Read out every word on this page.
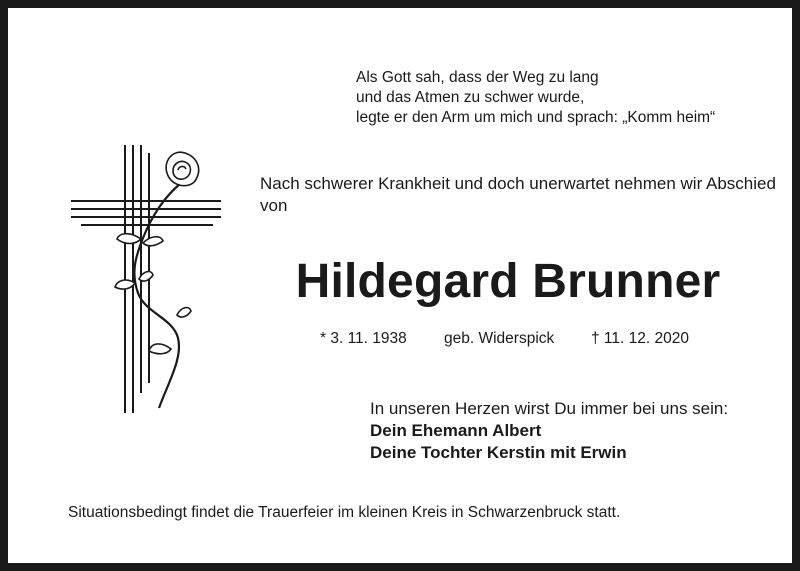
Als Gott sah, dass der Weg zu lang
und das Atmen zu schwer wurde,
legte er den Arm um mich und sprach: „Komm heim“
Nach schwerer Krankheit und doch unerwartet nehmen wir Abschied von
Hildegard Brunner
* 3. 11. 1938 geb. Widerspick † 11. 12. 2020
In unseren Herzen wirst Du immer bei uns sein:
Dein Ehemann Albert
Deine Tochter Kerstin mit Erwin
Situationsbedingt findet die Trauerfeier im kleinen Kreis in Schwarzenbruck statt.
